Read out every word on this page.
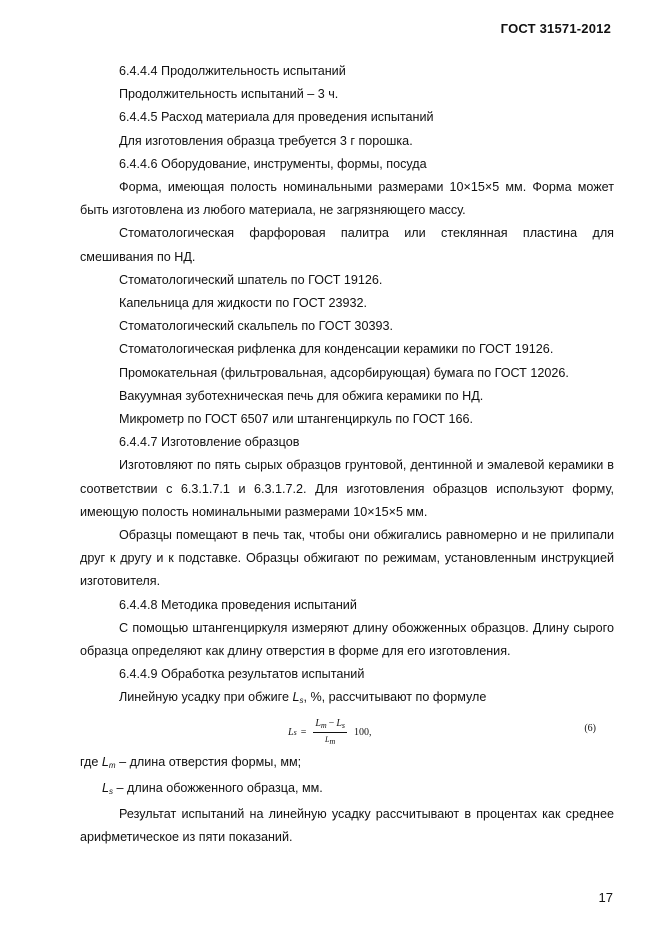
ГОСТ 31571-2012

6.4.4.4 Продолжительность испытаний

Продолжительность испытаний – 3 ч.

6.4.4.5 Расход материала для проведения испытаний

Для изготовления образца требуется 3 г порошка.

6.4.4.6 Оборудование, инструменты, формы, посуда

Форма, имеющая полость номинальными размерами 10×15×5 мм. Форма может быть изготовлена из любого материала, не загрязняющего массу.

Стоматологическая фарфоровая палитра или стеклянная пластина для смешивания по НД.

Стоматологический шпатель по ГОСТ 19126.

Капельница для жидкости по ГОСТ 23932.

Стоматологический скальпель по ГОСТ 30393.

Стоматологическая рифленка для конденсации керамики по ГОСТ 19126.

Промокательная (фильтровальная, адсорбирующая) бумага по ГОСТ 12026.

Вакуумная зуботехническая печь для обжига керамики по НД.

Микрометр по ГОСТ 6507 или штангенциркуль по ГОСТ 166.

6.4.4.7 Изготовление образцов

Изготовляют по пять сырых образцов грунтовой, дентинной и эмалевой керамики в соответствии с 6.3.1.7.1 и 6.3.1.7.2. Для изготовления образцов используют форму, имеющую полость номинальными размерами 10×15×5 мм.

Образцы помещают в печь так, чтобы они обжигались равномерно и не прилипали друг к другу и к подставке. Образцы обжигают по режимам, установленным инструкцией изготовителя.

6.4.4.8 Методика проведения испытаний

С помощью штангенциркуля измеряют длину обожженных образцов. Длину сырого образца определяют как длину отверстия в форме для его изготовления.

6.4.4.9 Обработка результатов испытаний

Линейную усадку при обжиге $L_s$, %, рассчитывают по формуле

L $s = \frac{L_m - L_s}{Lm} 100$,	(6)

где $L_m$ – длина отверстия формы, мм;

$L_s$ – длина обожженного образца, мм.

Результат испытаний на линейную усадку рассчитывают в процентах как среднее арифметическое из пяти показаний.

17
